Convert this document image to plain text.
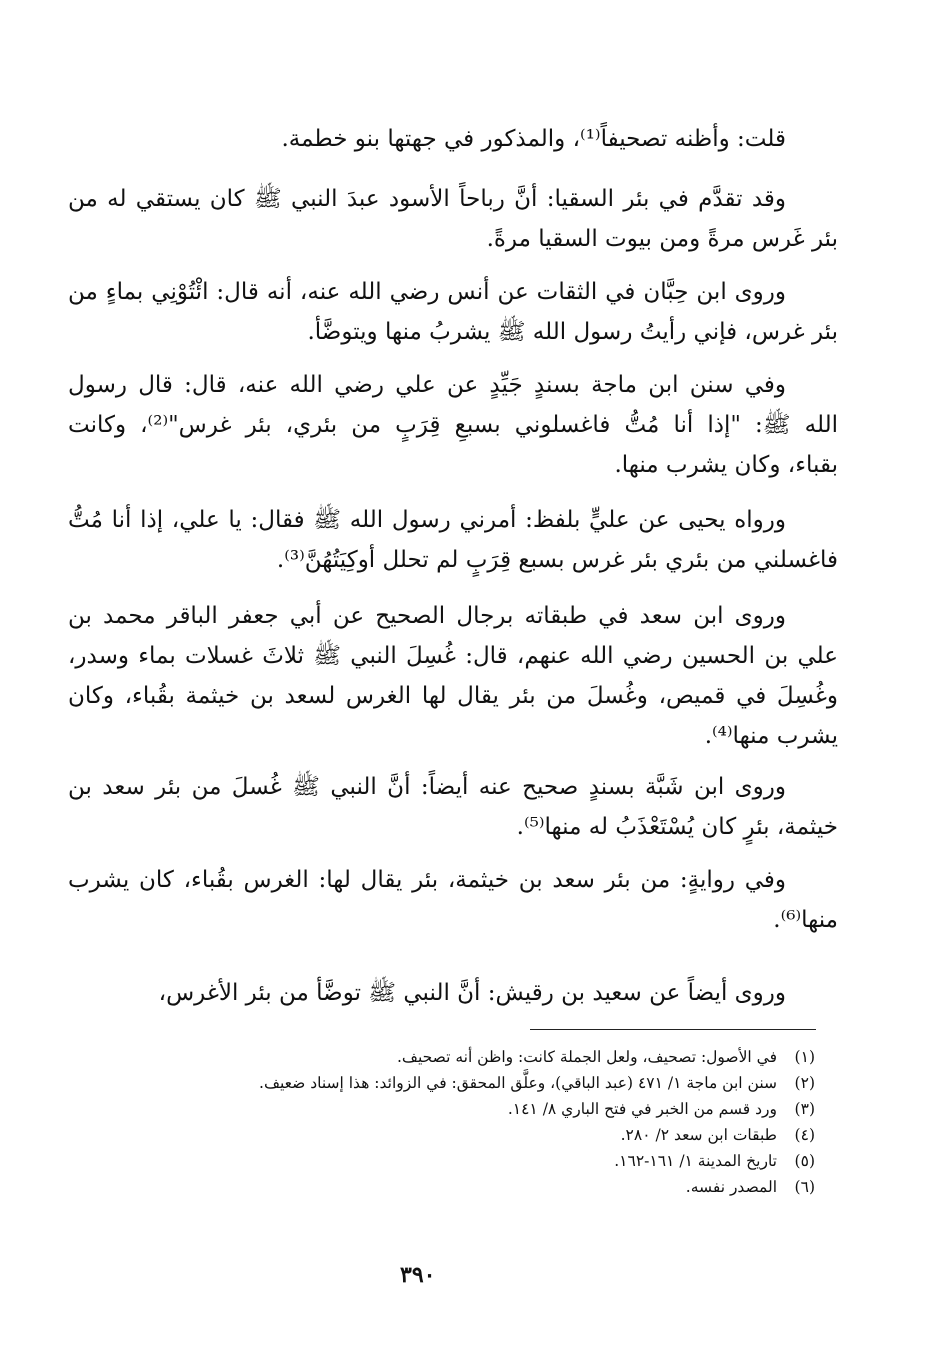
قلت: وأظنه تصحيفاً⁽¹⁾، والمذكور في جهتها بنو خطمة.
وقد تقدَّم في بئر السقيا: أنَّ رباحاً الأسود عبدَ النبي ﷺ كان يستقي له من
بئر غَرس مرةً ومن بيوت السقيا مرةً.
وروى ابن حِبَّان في الثقات عن أنس رضي الله عنه، أنه قال: ائْتُوْنِي بماءٍ من
بئر غرس، فإني رأيتُ رسول الله ﷺ يشربُ منها ويتوضَّأ.
وفي سنن ابن ماجة بسندٍ جَيِّدٍ عن علي رضي الله عنه، قال: قال رسول
الله ﷺ: "إذا أنا مُتُّ فاغسلوني بسبعِ قِرَبٍ من بئري، بئر غرس"⁽²⁾، وكانت
بقباء، وكان يشرب منها.
ورواه يحيى عن عليٍّ بلفظ: أمرني رسول الله ﷺ فقال: يا علي، إذا أنا مُتُّ
فاغسلني من بئري بئر غرس بسبع قِرَبٍ لم تحلل أوكِيَتُهُنَّ⁽³⁾.
وروى ابن سعد في طبقاته برجال الصحيح عن أبي جعفر الباقر محمد بن
علي بن الحسين رضي الله عنهم، قال: غُسِلَ النبي ﷺ ثلاثَ غسلات بماء وسدر،
وغُسِلَ في قميص، وغُسلَ من بئر يقال لها الغرس لسعد بن خيثمة بقُباء، وكان
يشرب منها⁽⁴⁾.
وروى ابن شَبَّة بسندٍ صحيح عنه أيضاً: أنَّ النبي ﷺ غُسلَ من بئر سعد بن
خيثمة، بئرٍ كان يُسْتَعْذَبُ له منها⁽⁵⁾.
وفي روايةٍ: من بئر سعد بن خيثمة، بئر يقال لها: الغرس بقُباء، كان يشرب
منها⁽⁶⁾.
وروى أيضاً عن سعيد بن رقيش: أنَّ النبي ﷺ توضَّأ من بئر الأغرس،
(١)في الأصول: تصحيف، ولعل الجملة كانت: واظن أنه تصحيف.
(٢)سنن ابن ماجة ١/ ٤٧١ (عبد الباقي)، وعلَّق المحقق: في الزوائد: هذا إسناد ضعيف.
(٣)ورد قسم من الخبر في فتح الباري ٨/ ١٤١.
(٤)طبقات ابن سعد ٢/ ٢٨٠.
(٥)تاريخ المدينة ١/ ١٦١-١٦٢.
(٦)المصدر نفسه.
٣٩٠
